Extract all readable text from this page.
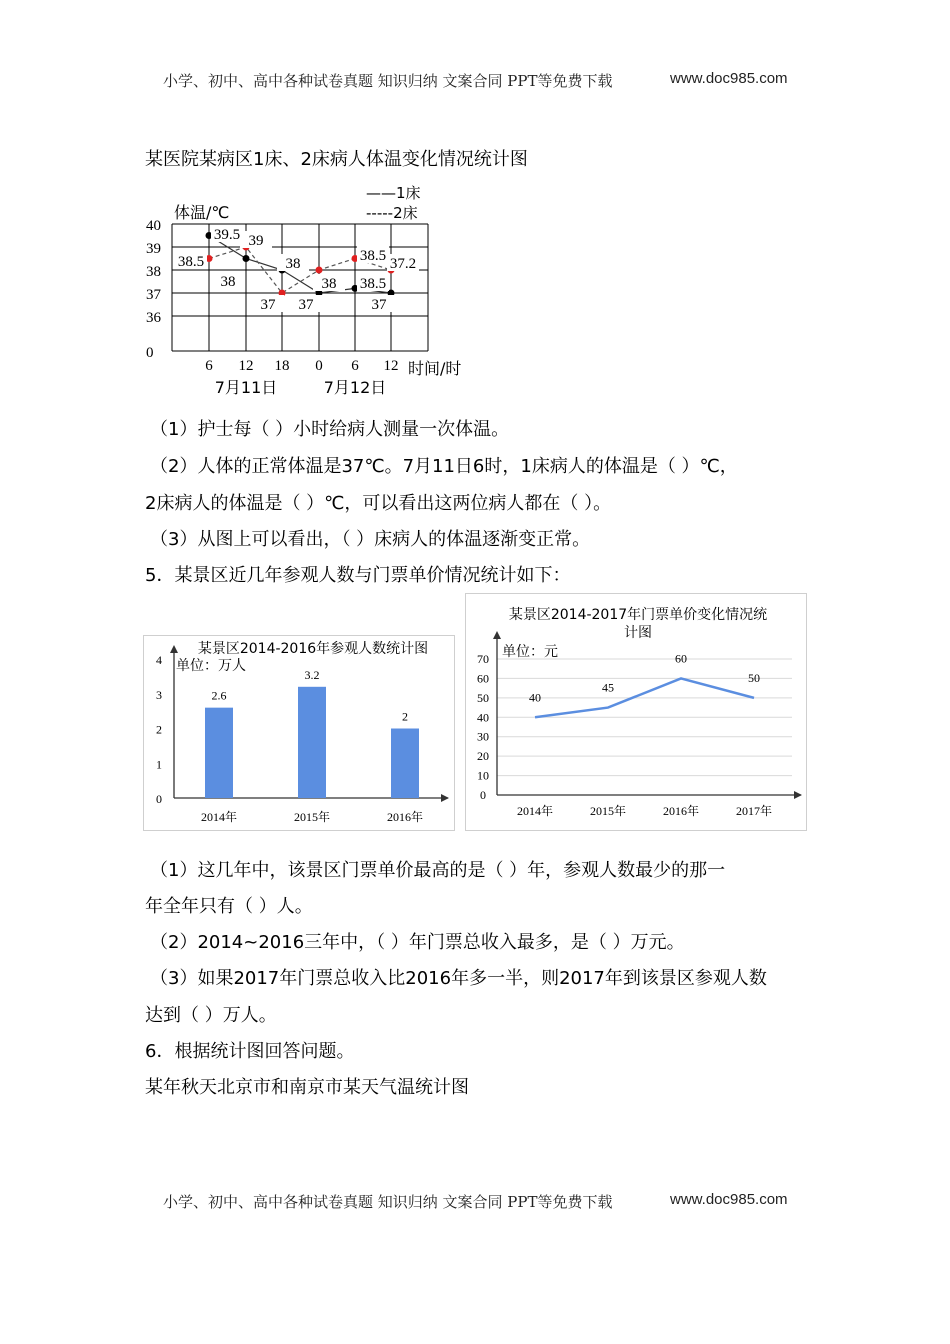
小学、初中、高中各种试卷真题 知识归纳 文案合同 PPT等免费下载	www.doc985.com
某医院某病区1床、2床病人体温变化情况统计图
39.5 39
38.5	38.5
38
38 38.5
37.2
38
37 37	37
0
36
37
38
39
40
6 12 18 0 6 12
7月11日	7月12日
时间/时
体温/℃
——1床
-----2床
（1）护士每（ ）小时给病人测量一次体温。
（2）人体的正常体温是37℃。7月11日6时，1床病人的体温是（ ）℃，
2床病人的体温是（ ）℃，可以看出这两位病人都在（ ）。
（3）从图上可以看出，（ ）床病人的体温逐渐变正常。
5．某景区近几年参观人数与门票单价情况统计如下：
某景区2014-2016年参观人数统计图
单位：万人
0
1
2
3
4
2.6
2014年
3.2
2015年
2
2016年
某景区2014-2017年门票单价变化情况统
计图
单位：元
0
10
20
30
40
50
60
70
40
2014年
45
2015年
60
2016年
50
2017年
（1）这几年中，该景区门票单价最高的是（ ）年，参观人数最少的那一
年全年只有（ ）人。
（2）2014~2016三年中，（ ）年门票总收入最多，是（ ）万元。
（3）如果2017年门票总收入比2016年多一半，则2017年到该景区参观人数
达到（ ）万人。
6．根据统计图回答问题。
某年秋天北京市和南京市某天气温统计图
小学、初中、高中各种试卷真题 知识归纳 文案合同 PPT等免费下载	www.doc985.com
